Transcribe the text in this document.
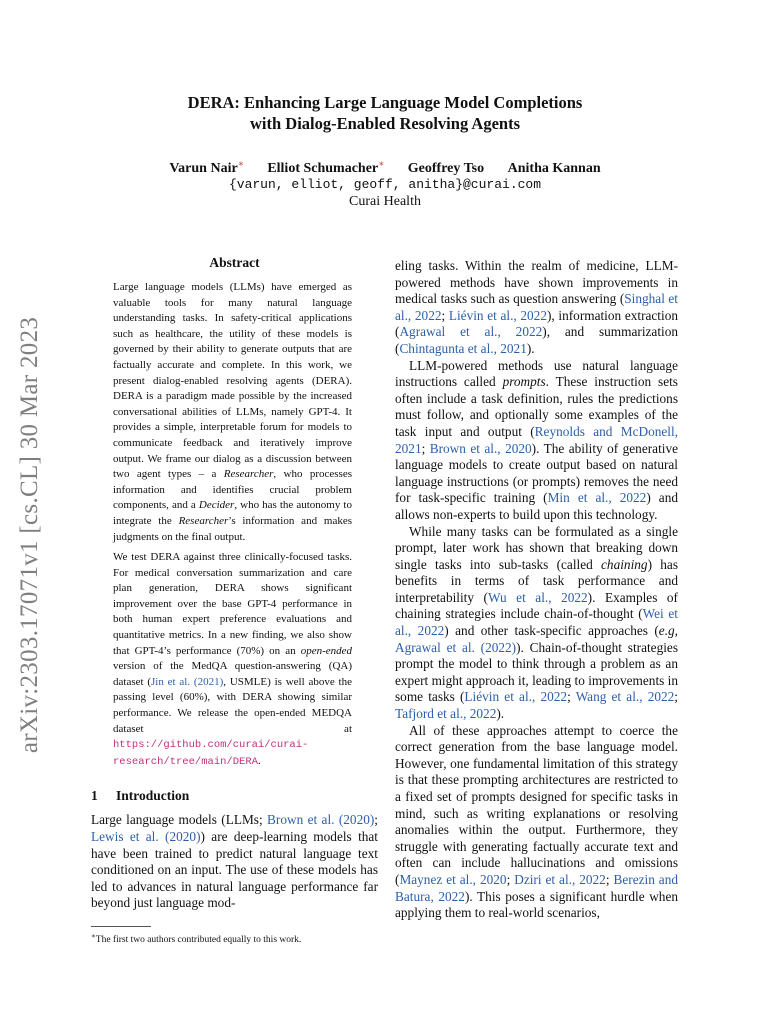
arXiv:2303.17071v1 [cs.CL] 30 Mar 2023
DERA: Enhancing Large Language Model Completions
with Dialog-Enabled Resolving Agents
Varun Nair∗ Elliot Schumacher∗ Geoffrey Tso Anitha Kannan
{varun, elliot, geoff, anitha}@curai.com
Curai Health
Abstract

Large language models (LLMs) have emerged as valuable tools for many natural language understanding tasks. In safety-critical applications such as healthcare, the utility of these models is governed by their ability to generate outputs that are factually accurate and complete. In this work, we present dialog-enabled resolving agents (DERA). DERA is a paradigm made possible by the increased conversational abilities of LLMs, namely GPT-4. It provides a simple, interpretable forum for models to communicate feedback and iteratively improve output. We frame our dialog as a discussion between two agent types – a Researcher, who processes information and identifies crucial problem components, and a Decider, who has the autonomy to integrate the Researcher’s information and makes judgments on the final output.

We test DERA against three clinically-focused tasks. For medical conversation summarization and care plan generation, DERA shows significant improvement over the base GPT-4 performance in both human expert preference evaluations and quantitative metrics. In a new finding, we also show that GPT-4’s performance (70%) on an open-ended version of the MedQA question-answering (QA) dataset (Jin et al. (2021), USMLE) is well above the passing level (60%), with DERA showing similar performance. We release the open-ended MEDQA dataset at https://github.com/curai/curai-research/tree/main/DERA.

1 Introduction

Large language models (LLMs; Brown et al. (2020); Lewis et al. (2020)) are deep-learning models that have been trained to predict natural language text conditioned on an input. The use of these models has led to advances in natural language performance far beyond just language mod-

eling tasks. Within the realm of medicine, LLM-powered methods have shown improvements in medical tasks such as question answering (Singhal et al., 2022; Liévin et al., 2022), information extraction (Agrawal et al., 2022), and summarization (Chintagunta et al., 2021).

LLM-powered methods use natural language instructions called prompts. These instruction sets often include a task definition, rules the predictions must follow, and optionally some examples of the task input and output (Reynolds and McDonell, 2021; Brown et al., 2020). The ability of generative language models to create output based on natural language instructions (or prompts) removes the need for task-specific training (Min et al., 2022) and allows non-experts to build upon this technology.

While many tasks can be formulated as a single prompt, later work has shown that breaking down single tasks into sub-tasks (called chaining) has benefits in terms of task performance and interpretability (Wu et al., 2022). Examples of chaining strategies include chain-of-thought (Wei et al., 2022) and other task-specific approaches (e.g, Agrawal et al. (2022)). Chain-of-thought strategies prompt the model to think through a problem as an expert might approach it, leading to improvements in some tasks (Liévin et al., 2022; Wang et al., 2022; Tafjord et al., 2022).

All of these approaches attempt to coerce the correct generation from the base language model. However, one fundamental limitation of this strategy is that these prompting architectures are restricted to a fixed set of prompts designed for specific tasks in mind, such as writing explanations or resolving anomalies within the output. Furthermore, they struggle with generating factually accurate text and often can include hallucinations and omissions (Maynez et al., 2020; Dziri et al., 2022; Berezin and Batura, 2022). This poses a significant hurdle when applying them to real-world scenarios,

∗The first two authors contributed equally to this work.
